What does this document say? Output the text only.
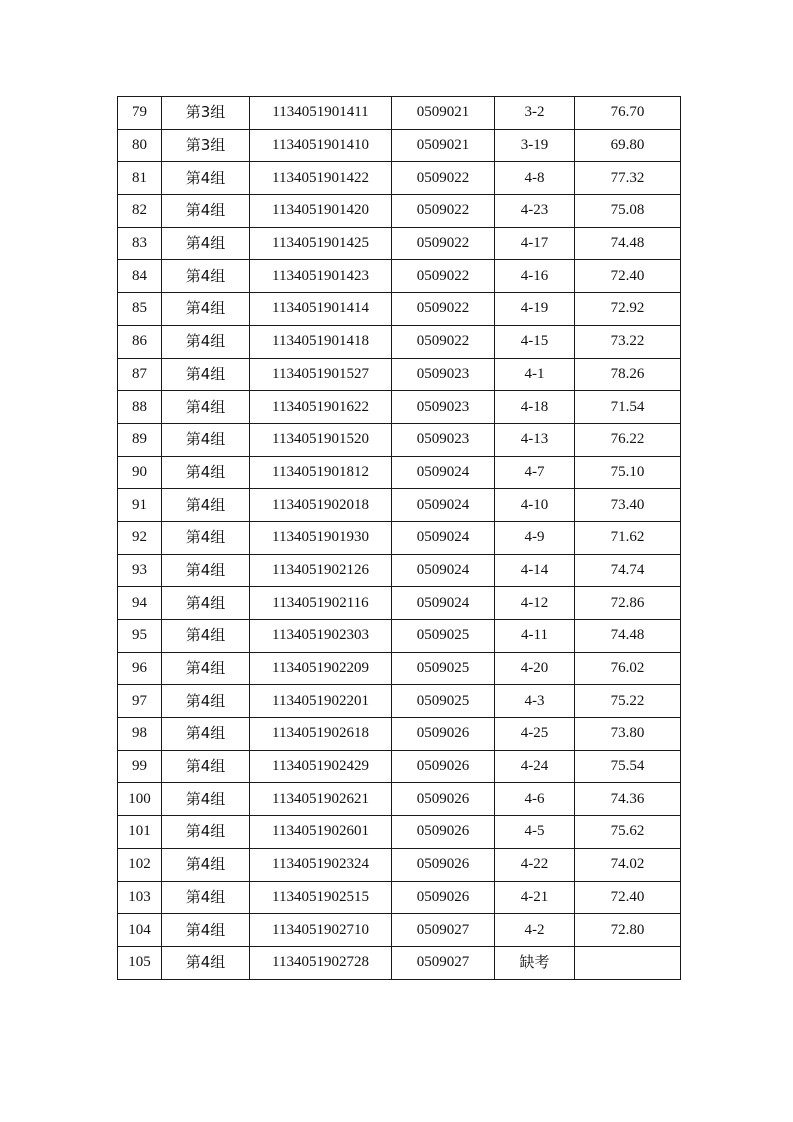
79	第3组	1134051901411	0509021	3-2	76.70
80	第3组	1134051901410	0509021	3-19	69.80
81	第4组	1134051901422	0509022	4-8	77.32
82	第4组	1134051901420	0509022	4-23	75.08
83	第4组	1134051901425	0509022	4-17	74.48
84	第4组	1134051901423	0509022	4-16	72.40
85	第4组	1134051901414	0509022	4-19	72.92
86	第4组	1134051901418	0509022	4-15	73.22
87	第4组	1134051901527	0509023	4-1	78.26
88	第4组	1134051901622	0509023	4-18	71.54
89	第4组	1134051901520	0509023	4-13	76.22
90	第4组	1134051901812	0509024	4-7	75.10
91	第4组	1134051902018	0509024	4-10	73.40
92	第4组	1134051901930	0509024	4-9	71.62
93	第4组	1134051902126	0509024	4-14	74.74
94	第4组	1134051902116	0509024	4-12	72.86
95	第4组	1134051902303	0509025	4-11	74.48
96	第4组	1134051902209	0509025	4-20	76.02
97	第4组	1134051902201	0509025	4-3	75.22
98	第4组	1134051902618	0509026	4-25	73.80
99	第4组	1134051902429	0509026	4-24	75.54
100	第4组	1134051902621	0509026	4-6	74.36
101	第4组	1134051902601	0509026	4-5	75.62
102	第4组	1134051902324	0509026	4-22	74.02
103	第4组	1134051902515	0509026	4-21	72.40
104	第4组	1134051902710	0509027	4-2	72.80
105	第4组	1134051902728	0509027	缺考	
